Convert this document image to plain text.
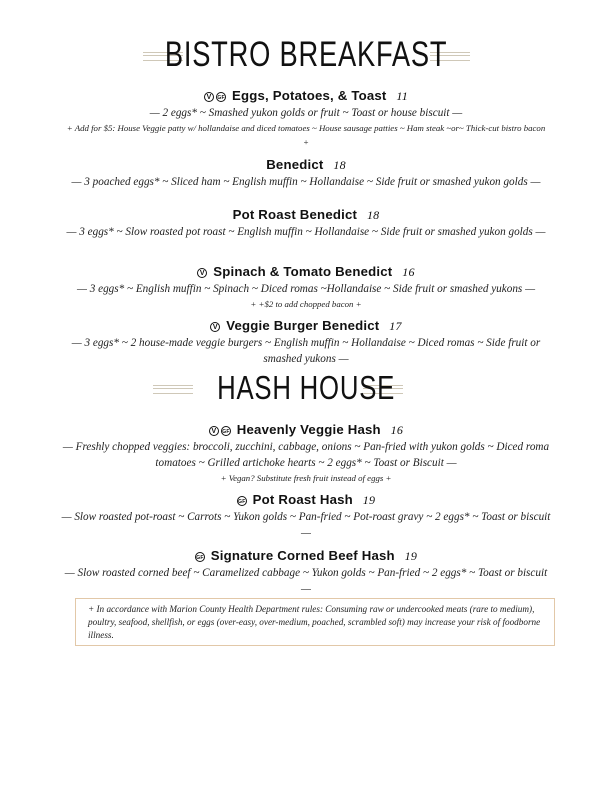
BISTRO BREAKFAST
V GF Eggs, Potatoes, & Toast 11
— 2 eggs* ~ Smashed yukon golds or fruit ~ Toast or house biscuit —
+ Add for $5: House Veggie patty w/ hollandaise and diced tomatoes ~ House sausage patties ~ Ham steak ~or~ Thick-cut bistro bacon +
Benedict 18
— 3 poached eggs* ~ Sliced ham ~ English muffin ~ Hollandaise ~ Side fruit or smashed yukon golds —
Pot Roast Benedict 18
— 3 eggs* ~ Slow roasted pot roast ~ English muffin ~ Hollandaise ~ Side fruit or smashed yukon golds —
V Spinach & Tomato Benedict 16
— 3 eggs* ~ English muffin ~ Spinach ~ Diced romas ~Hollandaise ~ Side fruit or smashed yukons —
+ +$2 to add chopped bacon +
V Veggie Burger Benedict 17
— 3 eggs* ~ 2 house-made veggie burgers ~ English muffin ~ Hollandaise ~ Diced romas ~ Side fruit or smashed yukons —
HASH HOUSE
V GF Heavenly Veggie Hash 16
— Freshly chopped veggies: broccoli, zucchini, cabbage, onions ~ Pan-fried with yukon golds ~ Diced roma tomatoes ~ Grilled artichoke hearts ~ 2 eggs* ~ Toast or Biscuit —
+ Vegan? Substitute fresh fruit instead of eggs +
GF Pot Roast Hash 19
— Slow roasted pot-roast ~ Carrots ~ Yukon golds ~ Pan-fried ~ Pot-roast gravy ~ 2 eggs* ~ Toast or biscuit —
GF Signature Corned Beef Hash 19
— Slow roasted corned beef ~ Caramelized cabbage ~ Yukon golds ~ Pan-fried ~ 2 eggs* ~ Toast or biscuit —
+ In accordance with Marion County Health Department rules: Consuming raw or undercooked meats (rare to medium), poultry, seafood, shellfish, or eggs (over-easy, over-medium, poached, scrambled soft) may increase your risk of foodborne illness.
